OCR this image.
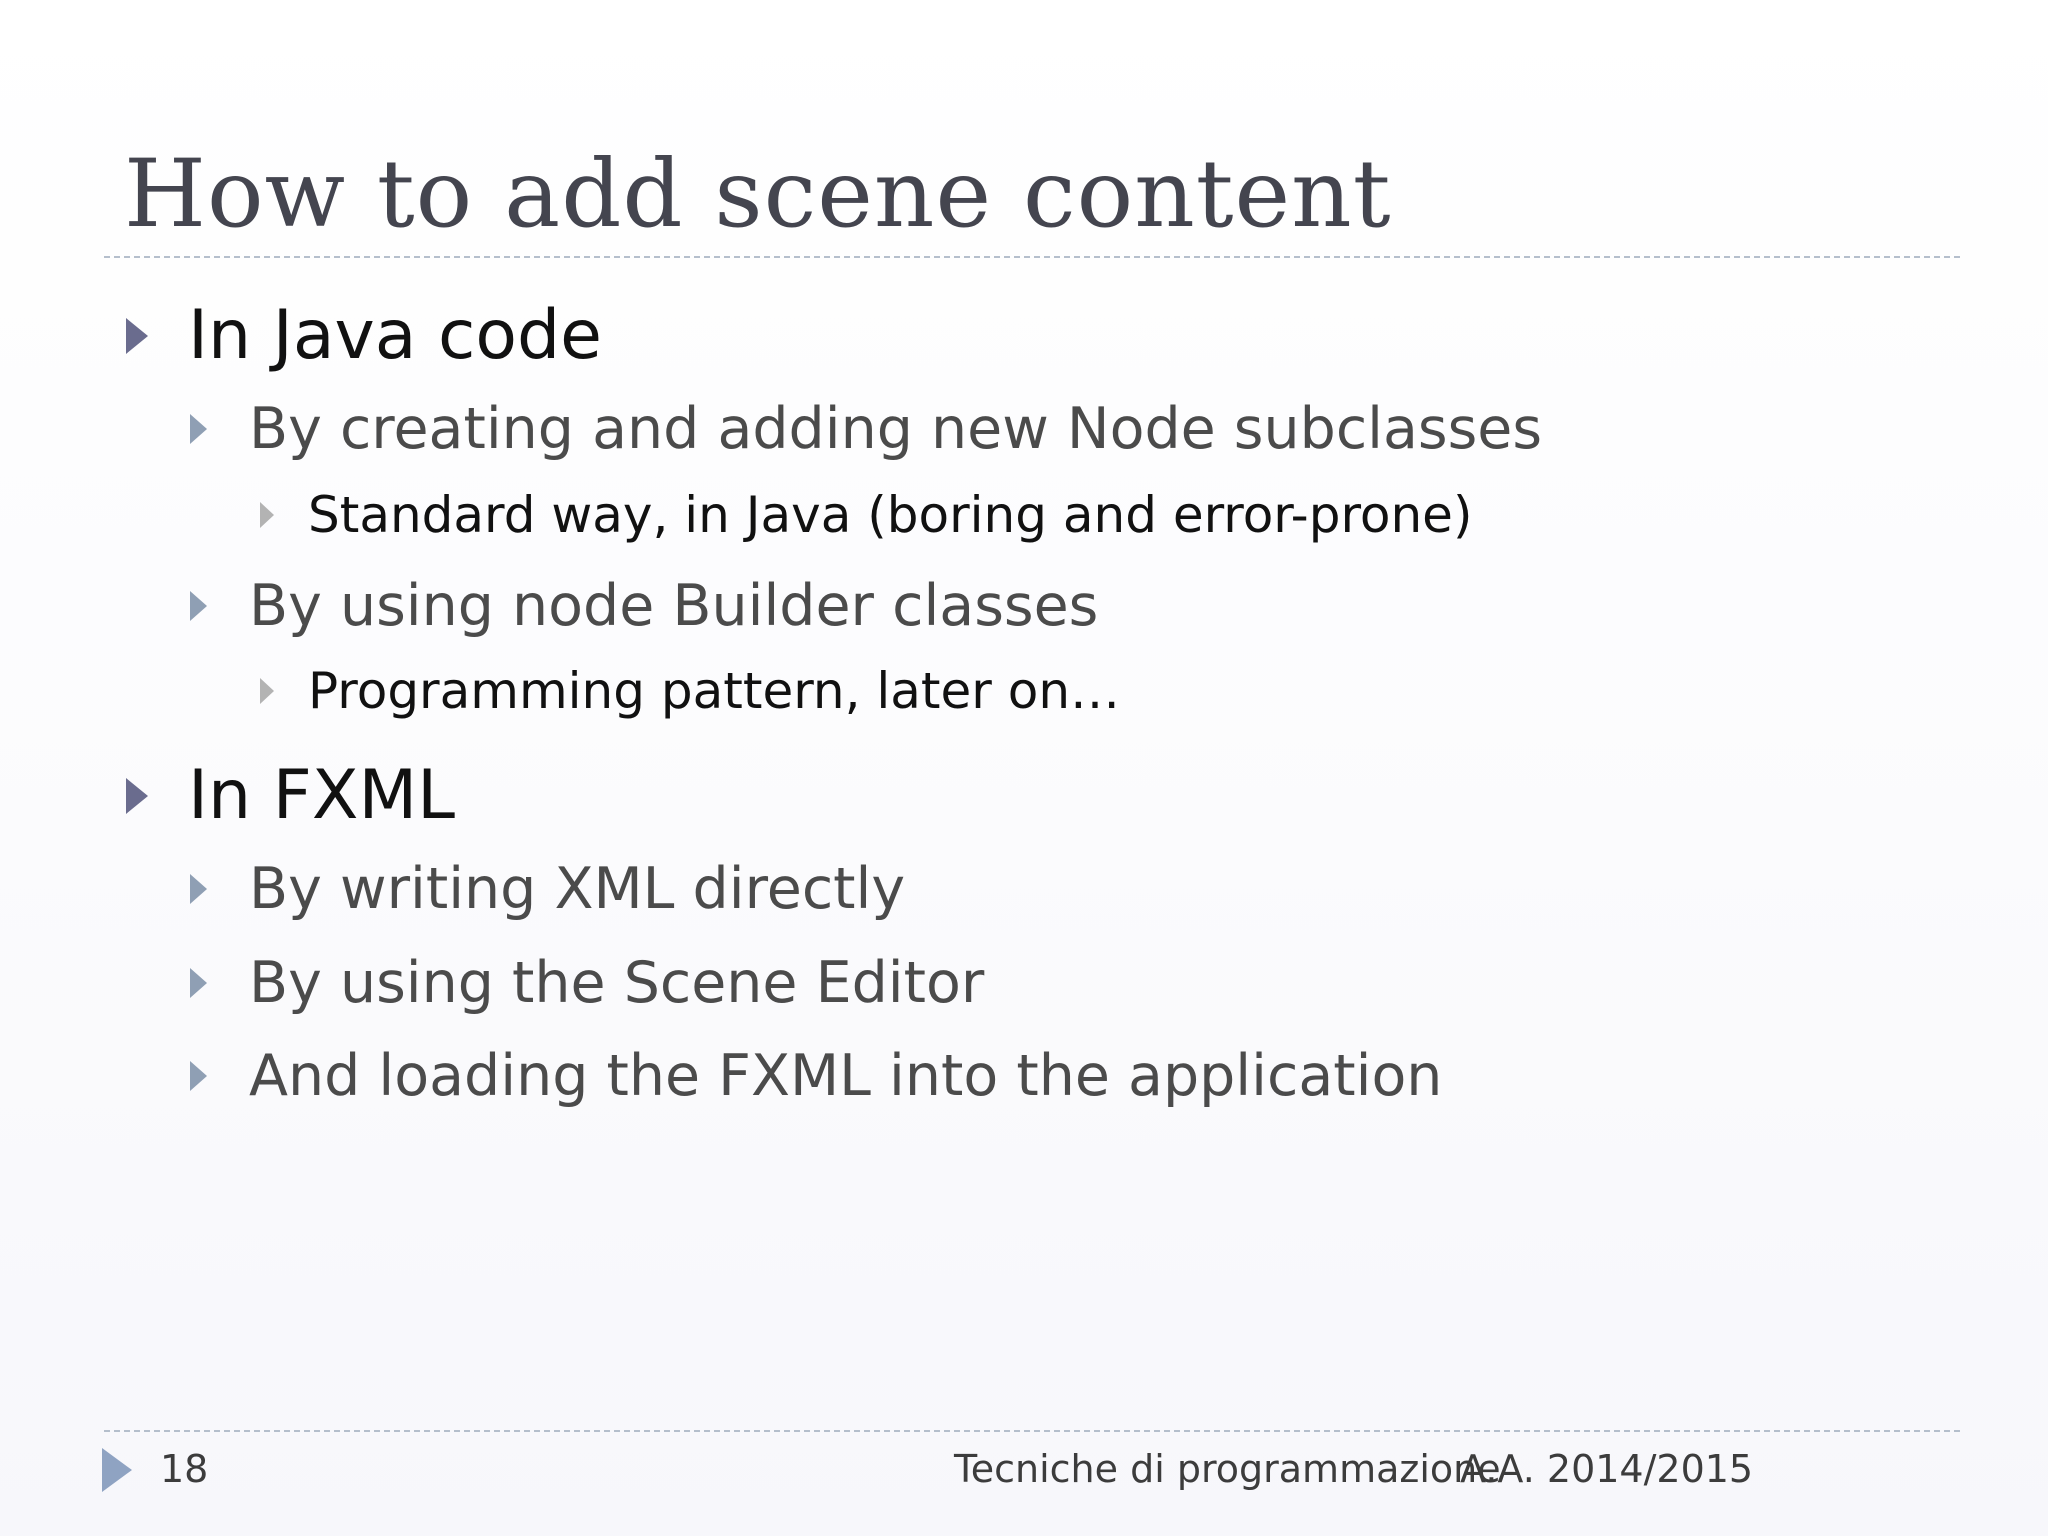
How to add scene content
In Java code
By creating and adding new Node subclasses
Standard way, in Java (boring and error-prone)
By using node Builder classes
Programming pattern, later on…
In FXML
By writing XML directly
By using the Scene Editor
And loading the FXML into the application
18	Tecniche di programmazione
A.A. 2014/2015
